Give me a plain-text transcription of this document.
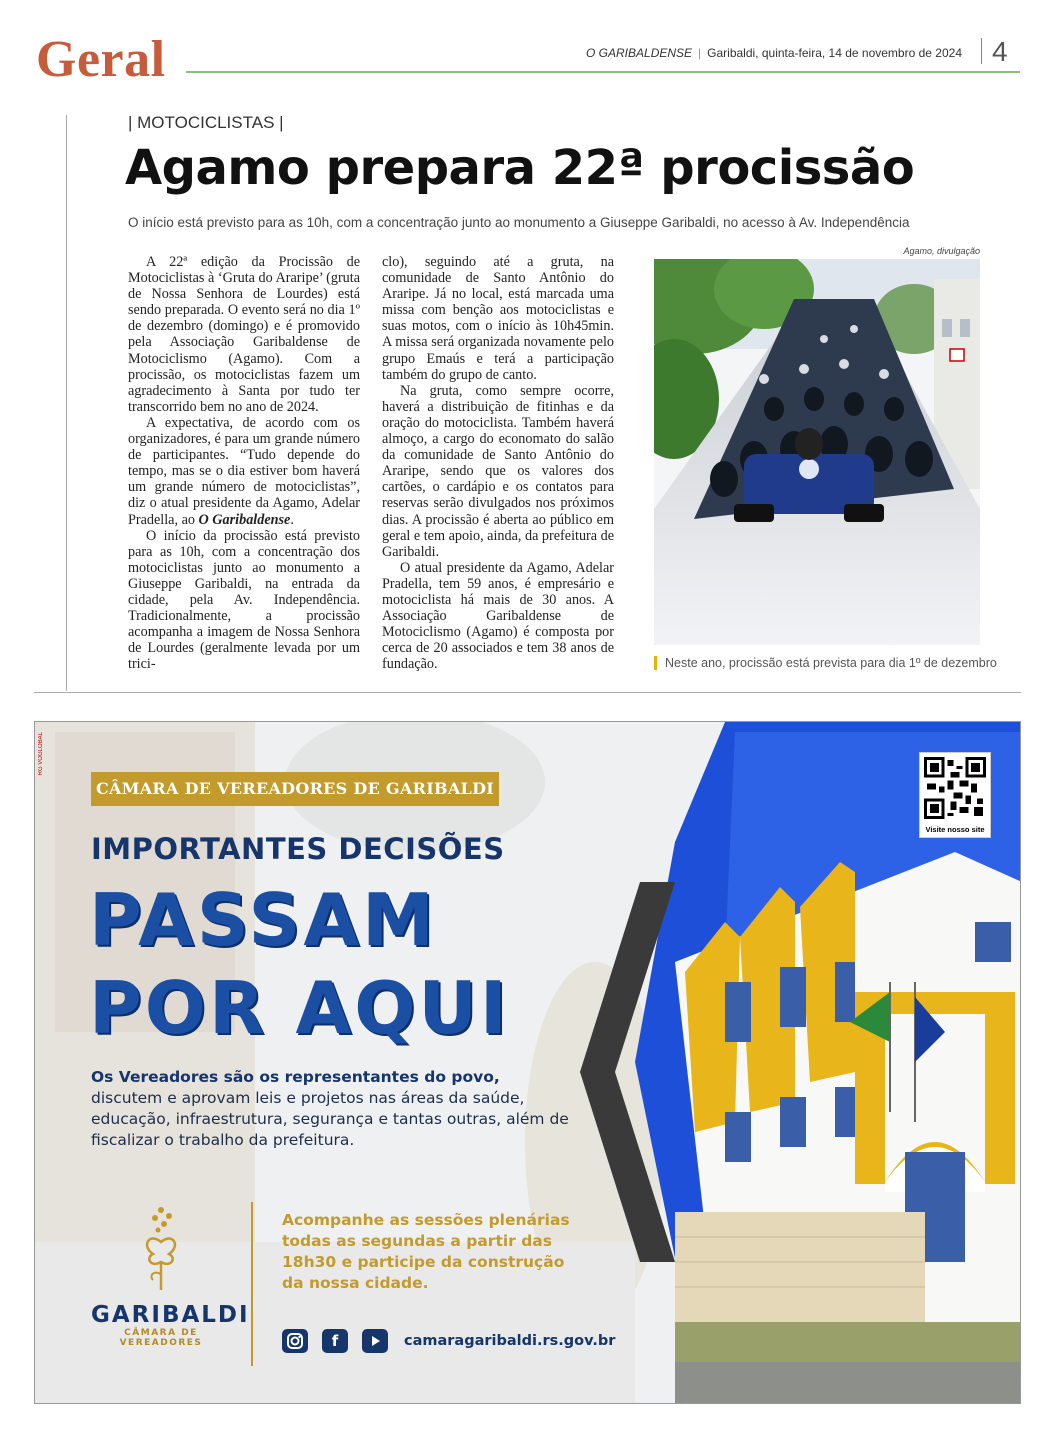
Geral	O GARIBALDENSE | Garibaldi, quinta-feira, 14 de novembro de 2024 4
| MOTOCICLISTAS |
Agamo prepara 22ª procissão
O início está previsto para as 10h, com a concentração junto ao monumento a Giuseppe Garibaldi, no acesso à Av. Independência

A 22ª edição da Procissão de Motociclistas à ‘Gruta do Araripe’ (gruta de Nossa Senhora de Lourdes) está sendo preparada. O evento será no dia 1º de dezembro (domingo) e é promovido pela Associação Garibaldense de Motociclismo (Agamo). Com a procissão, os motociclistas fazem um agradecimento à Santa por tudo ter transcorrido bem no ano de 2024.

A expectativa, de acordo com os organizadores, é para um grande número de participantes. “Tudo depende do tempo, mas se o dia estiver bom haverá um grande número de motociclistas”, diz o atual presidente da Agamo, Adelar Pradella, ao O Garibaldense.

O início da procissão está previsto para as 10h, com a concentração dos motociclistas junto ao monumento a Giuseppe Garibaldi, na entrada da cidade, pela Av. Independência. Tradicionalmente, a procissão acompanha a imagem de Nossa Senhora de Lourdes (geralmente levada por um trici-

clo), seguindo até a gruta, na comunidade de Santo Antônio do Araripe. Já no local, está marcada uma missa com benção aos motociclistas e suas motos, com o início às 10h45min. A missa será organizada novamente pelo grupo Emaús e terá a participação também do grupo de canto.

Na gruta, como sempre ocorre, haverá a distribuição de fitinhas e da oração do motociclista. Também haverá almoço, a cargo do economato do salão da comunidade de Santo Antônio do Araripe, sendo que os valores dos cartões, o cardápio e os contatos para reservas serão divulgados nos próximos dias. A procissão é aberta ao público em geral e tem apoio, ainda, da prefeitura de Garibaldi.

O atual presidente da Agamo, Adelar Pradella, tem 59 anos, é empresário e motociclista há mais de 30 anos. A Associação Garibaldense de Motociclismo (Agamo) é composta por cerca de 20 associados e tem 38 anos de fundação.

Agamo, divulgação
Neste ano, procissão está prevista para dia 1º de dezembro
RG VOGLOBAL
CÂMARA DE VEREADORES DE GARIBALDI
IMPORTANTES DECISÕES
PASSAM
POR AQUI
Os Vereadores são os representantes do povo,
discutem e aprovam leis e projetos nas áreas da saúde, educação, infraestrutura, segurança e tantas outras, além de fiscalizar o trabalho da prefeitura.
GARIBALDI
CÂMARA DE VEREADORES
Acompanhe as sessões plenárias todas as segundas a partir das 18h30 e participe da construção da nossa cidade.
f	camaragaribaldi.rs.gov.br
Visite nosso site
